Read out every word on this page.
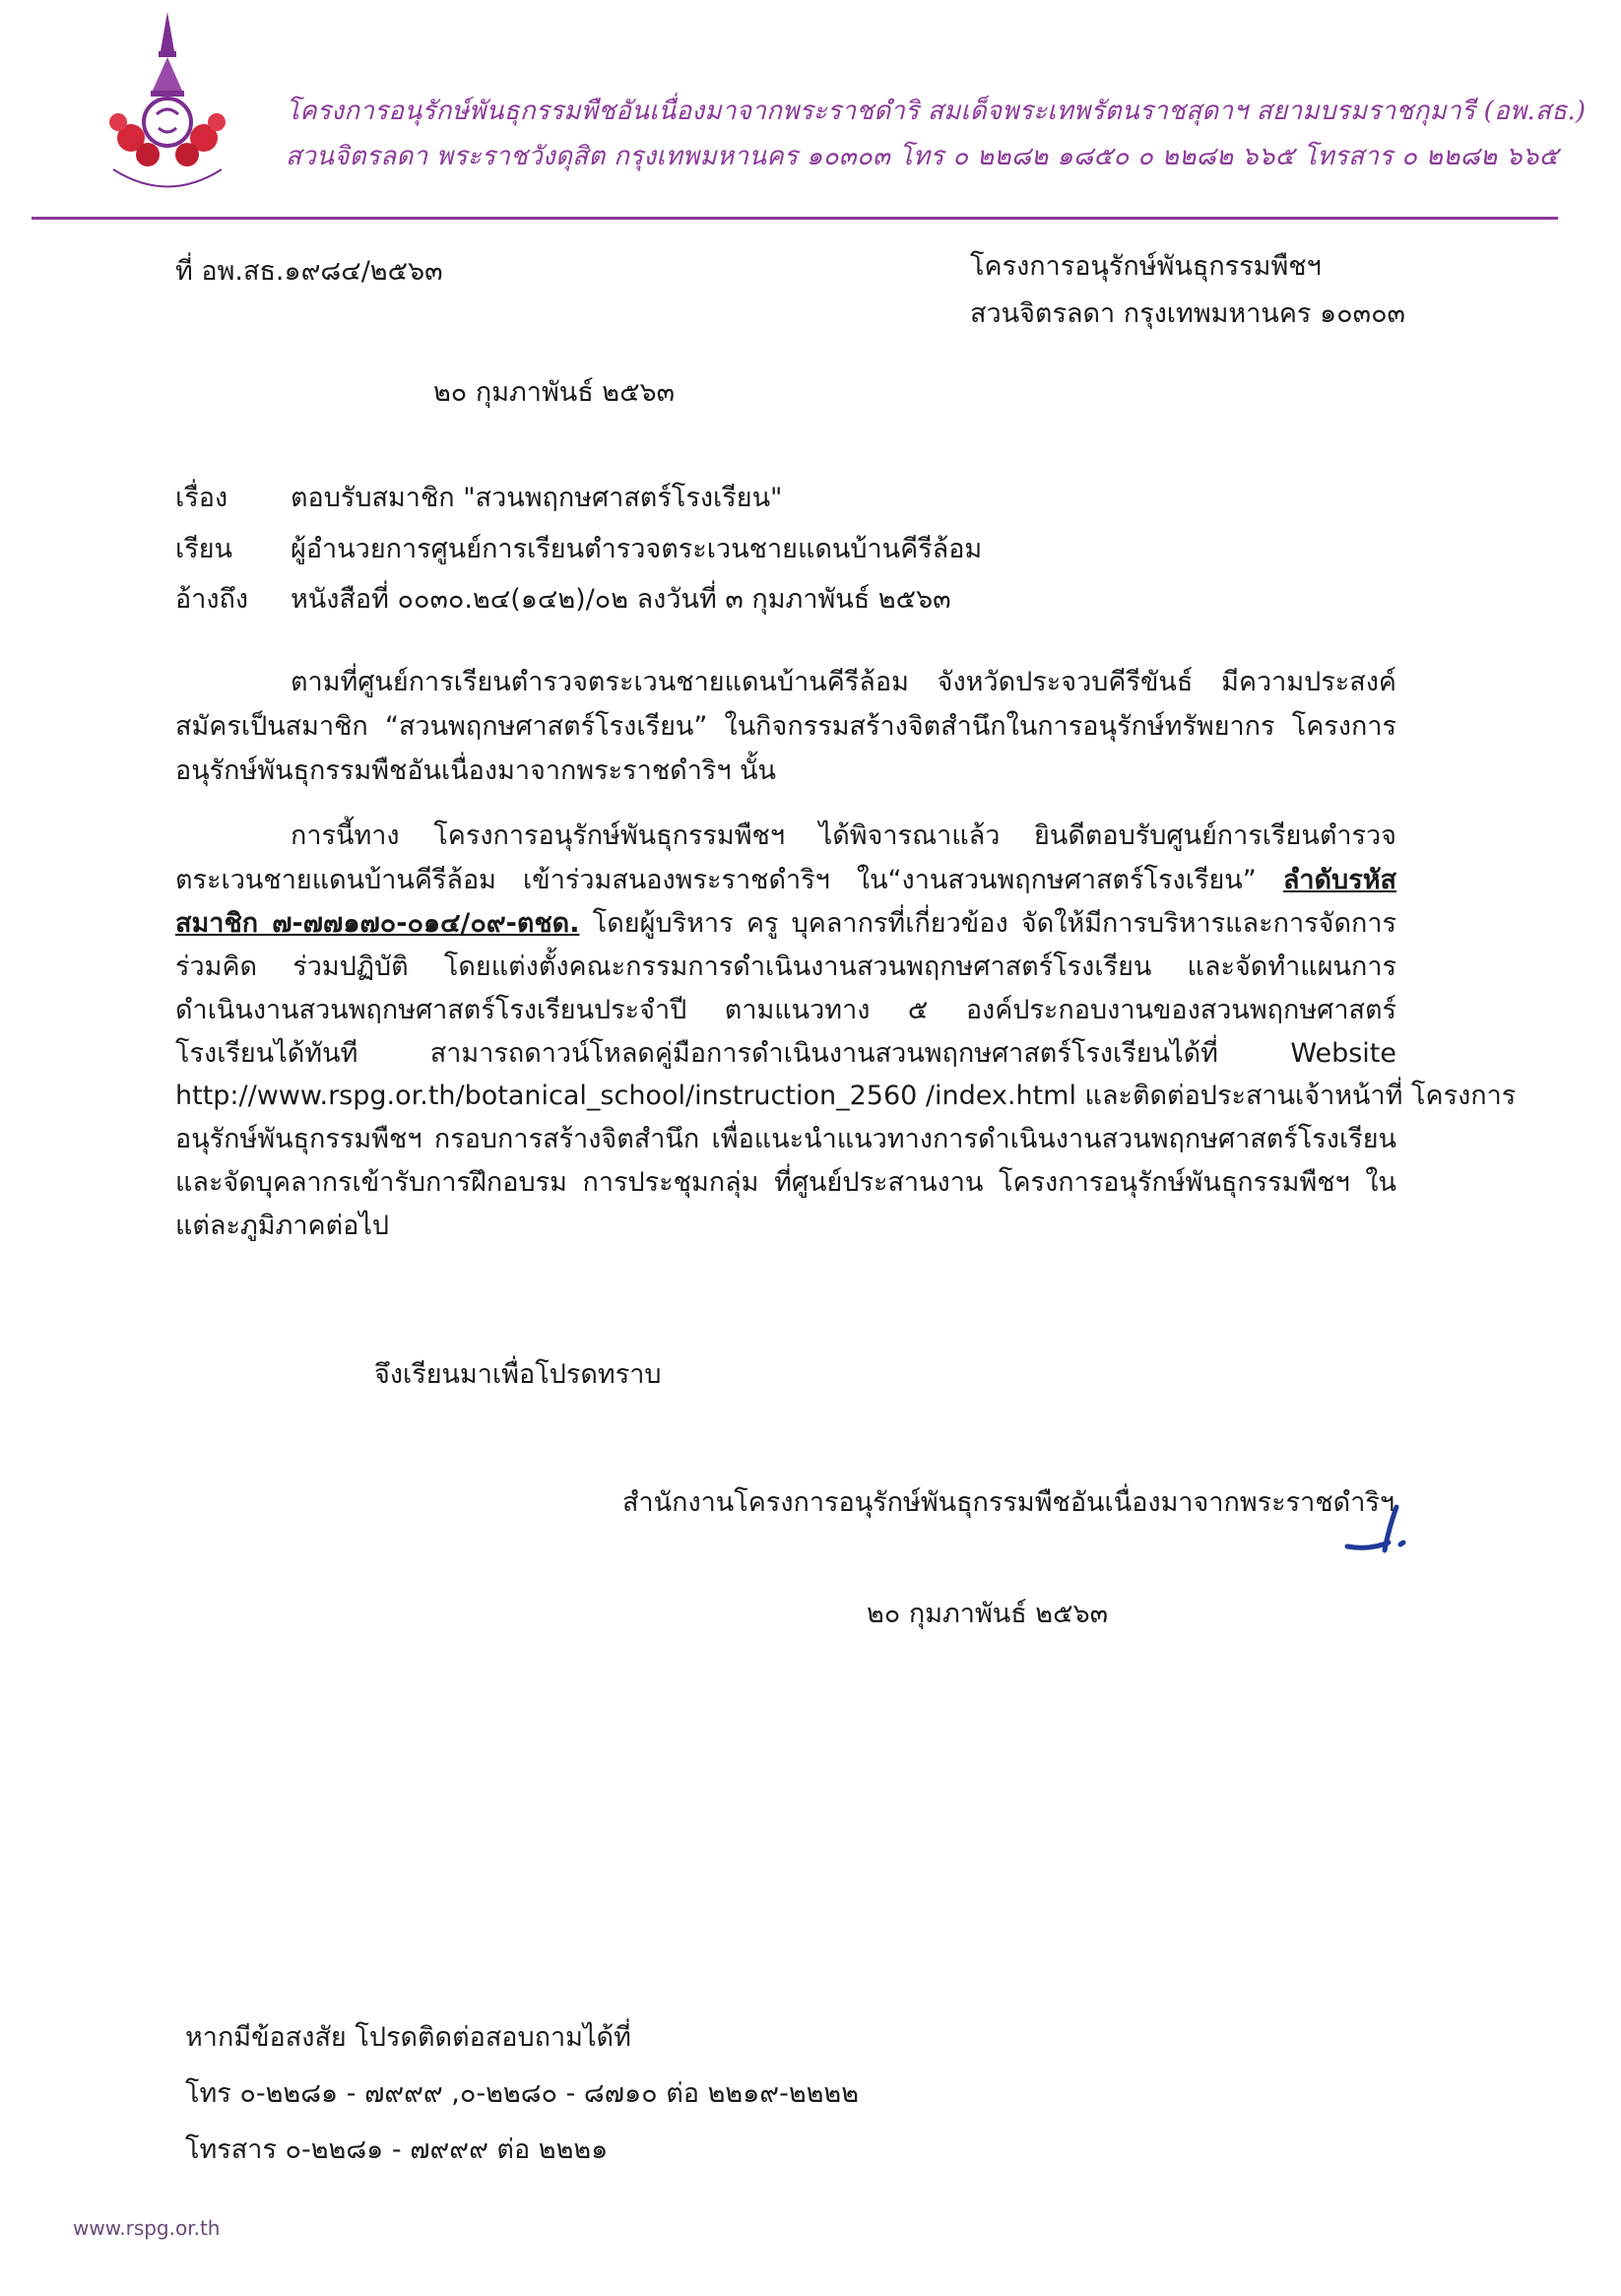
โครงการอนุรักษ์พันธุกรรมพืชอันเนื่องมาจากพระราชดำริ สมเด็จพระเทพรัตนราชสุดาฯ สยามบรมราชกุมารี (อพ.สธ.)
สวนจิตรลดา พระราชวังดุสิต กรุงเทพมหานคร ๑๐๓๐๓ โทร ๐ ๒๒๘๒ ๑๘๕๐ ๐ ๒๒๘๒ ๖๖๕ โทรสาร ๐ ๒๒๘๒ ๖๖๕
ที่ อพ.สธ.๑๙๘๔/๒๕๖๓	โครงการอนุรักษ์พันธุกรรมพืชฯ
สวนจิตรลดา กรุงเทพมหานคร ๑๐๓๐๓
๒๐ กุมภาพันธ์ ๒๕๖๓
เรื่อง ตอบรับสมาชิก "สวนพฤกษศาสตร์โรงเรียน"
เรียน ผู้อำนวยการศูนย์การเรียนตำรวจตระเวนชายแดนบ้านคีรีล้อม
อ้างถึง หนังสือที่ ๐๐๓๐.๒๔(๑๔๒)/๐๒ ลงวันที่ ๓ กุมภาพันธ์ ๒๕๖๓
ตามที่ศูนย์การเรียนตำรวจตระเวนชายแดนบ้านคีรีล้อม จังหวัดประจวบคีรีขันธ์ มีความประสงค์
สมัครเป็นสมาชิก “สวนพฤกษศาสตร์โรงเรียน” ในกิจกรรมสร้างจิตสำนึกในการอนุรักษ์ทรัพยากร โครงการ
อนุรักษ์พันธุกรรมพืชอันเนื่องมาจากพระราชดำริฯ นั้น
การนี้ทาง โครงการอนุรักษ์พันธุกรรมพืชฯ ได้พิจารณาแล้ว ยินดีตอบรับศูนย์การเรียนตำรวจ
ตระเวนชายแดนบ้านคีรีล้อม เข้าร่วมสนองพระราชดำริฯ ใน“งานสวนพฤกษศาสตร์โรงเรียน” ลำดับรหัส
สมาชิก ๗-๗๗๑๗๐-๐๑๔/๐๙-ตชด. โดยผู้บริหาร ครู บุคลากรที่เกี่ยวข้อง จัดให้มีการบริหารและการจัดการ
ร่วมคิด ร่วมปฏิบัติ โดยแต่งตั้งคณะกรรมการดำเนินงานสวนพฤกษศาสตร์โรงเรียน และจัดทำแผนการ
ดำเนินงานสวนพฤกษศาสตร์โรงเรียนประจำปี ตามแนวทาง ๕ องค์ประกอบงานของสวนพฤกษศาสตร์
โรงเรียนได้ทันที สามารถดาวน์โหลดคู่มือการดำเนินงานสวนพฤกษศาสตร์โรงเรียนได้ที่ Website
http://www.rspg.or.th/botanical_school/instruction_2560 /index.html และติดต่อประสานเจ้าหน้าที่ โครงการ
อนุรักษ์พันธุกรรมพืชฯ กรอบการสร้างจิตสำนึก เพื่อแนะนำแนวทางการดำเนินงานสวนพฤกษศาสตร์โรงเรียน
และจัดบุคลากรเข้ารับการฝึกอบรม การประชุมกลุ่ม ที่ศูนย์ประสานงาน โครงการอนุรักษ์พันธุกรรมพืชฯ ใน
แต่ละภูมิภาคต่อไป
จึงเรียนมาเพื่อโปรดทราบ
สำนักงานโครงการอนุรักษ์พันธุกรรมพืชอันเนื่องมาจากพระราชดำริฯ
๒๐ กุมภาพันธ์ ๒๕๖๓
หากมีข้อสงสัย โปรดติดต่อสอบถามได้ที่
โทร ๐-๒๒๘๑ - ๗๙๙๙ ,๐-๒๒๘๐ - ๘๗๑๐ ต่อ ๒๒๑๙-๒๒๒๒
โทรสาร ๐-๒๒๘๑ - ๗๙๙๙ ต่อ ๒๒๒๑
www.rspg.or.th
